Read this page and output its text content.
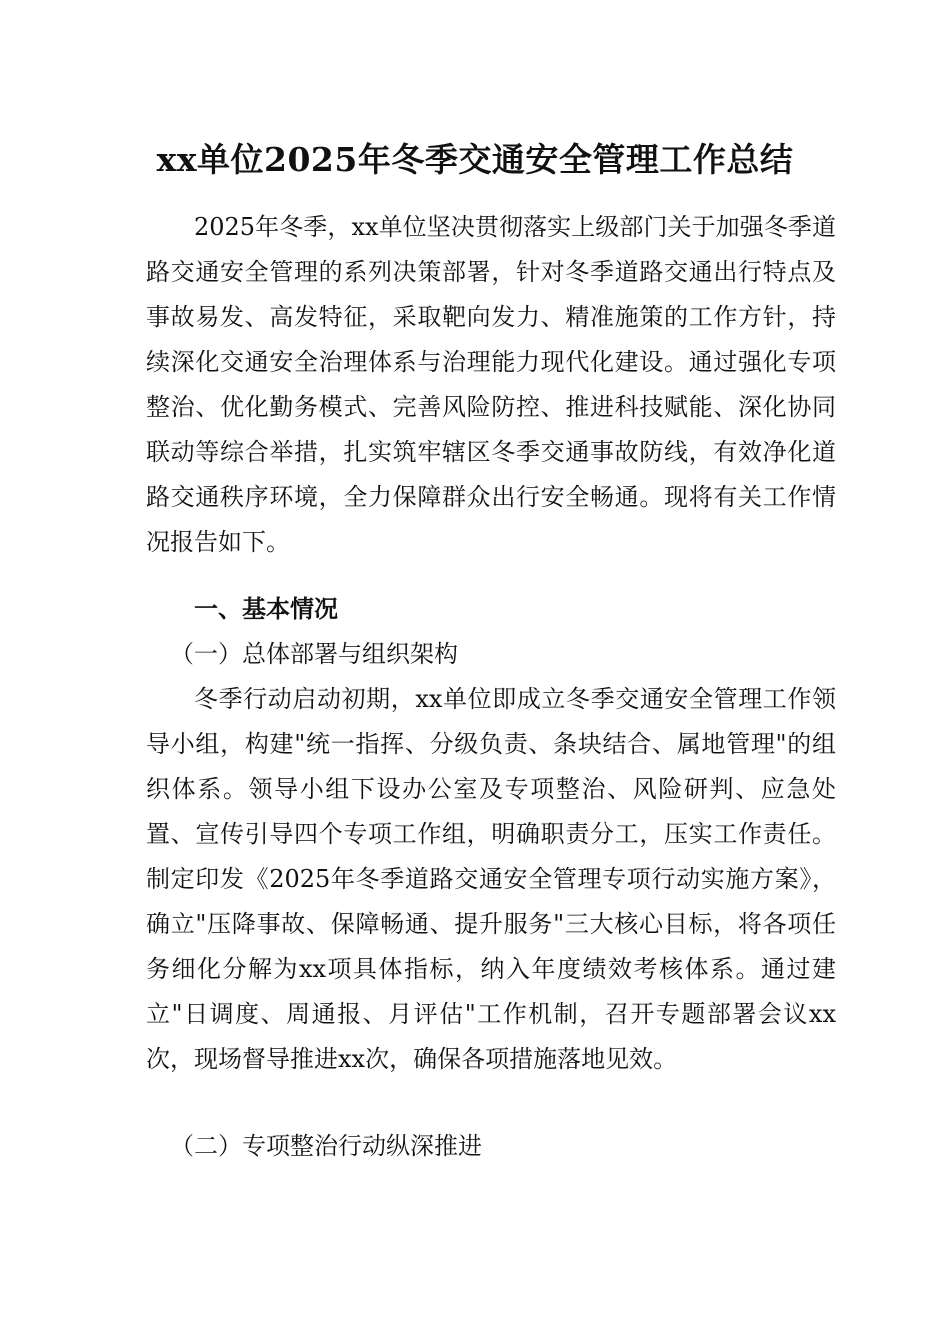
xx单位2025年冬季交通安全管理工作总结

2025年冬季，xx单位坚决贯彻落实上级部门关于加强冬季道路交通安全管理的系列决策部署，针对冬季道路交通出行特点及事故易发、高发特征，采取靶向发力、精准施策的工作方针，持续深化交通安全治理体系与治理能力现代化建设。通过强化专项整治、优化勤务模式、完善风险防控、推进科技赋能、深化协同联动等综合举措，扎实筑牢辖区冬季交通事故防线，有效净化道路交通秩序环境，全力保障群众出行安全畅通。现将有关工作情况报告如下。

一、基本情况

（一）总体部署与组织架构

冬季行动启动初期，xx单位即成立冬季交通安全管理工作领导小组，构建"统一指挥、分级负责、条块结合、属地管理"的组织体系。领导小组下设办公室及专项整治、风险研判、应急处置、宣传引导四个专项工作组，明确职责分工，压实工作责任。制定印发《2025年冬季道路交通安全管理专项行动实施方案》，确立"压降事故、保障畅通、提升服务"三大核心目标，将各项任务细化分解为xx项具体指标，纳入年度绩效考核体系。通过建立"日调度、周通报、月评估"工作机制，召开专题部署会议xx次，现场督导推进xx次，确保各项措施落地见效。

（二）专项整治行动纵深推进
